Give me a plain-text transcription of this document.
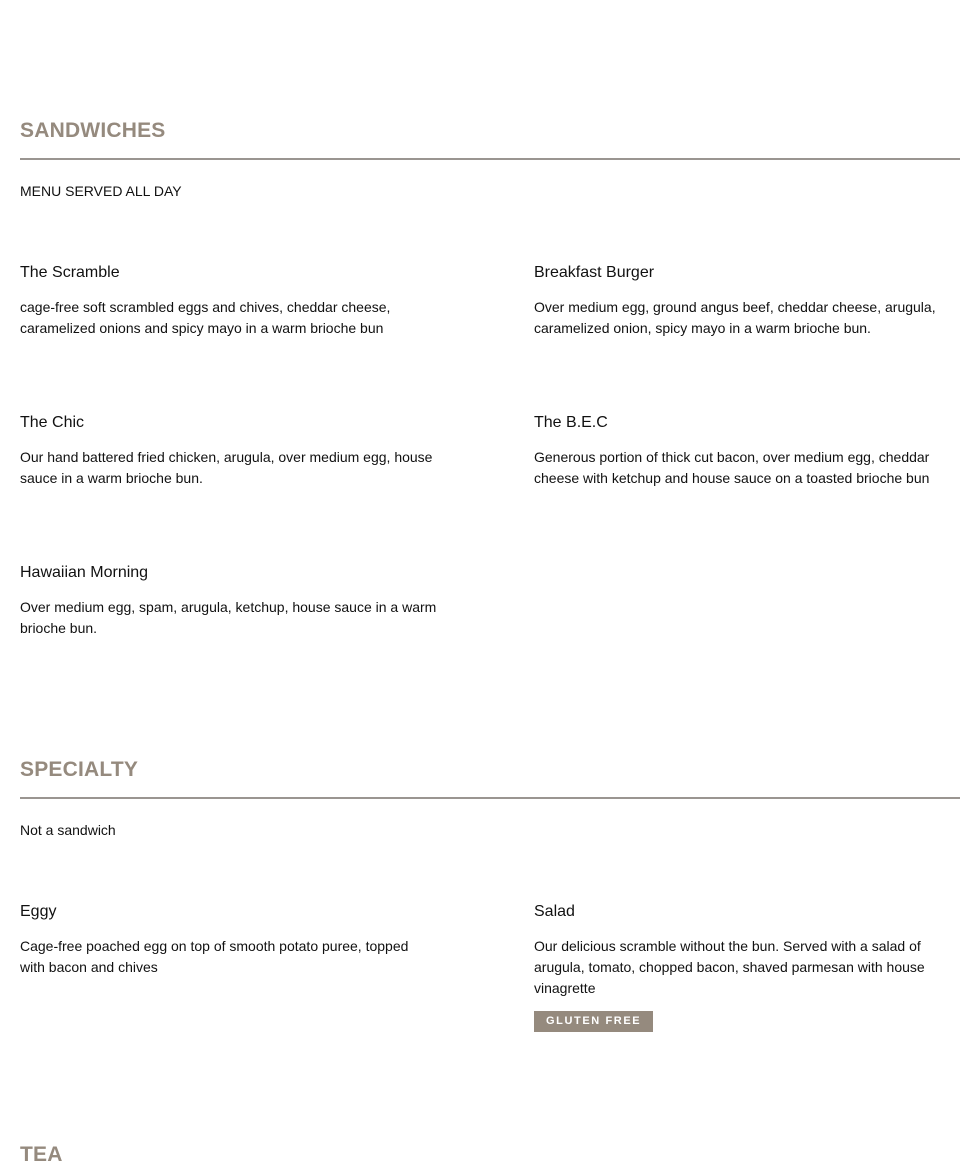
SANDWICHES
MENU SERVED ALL DAY
The Scramble
cage-free soft scrambled eggs and chives, cheddar cheese, caramelized onions and spicy mayo in a warm brioche bun
Breakfast Burger
Over medium egg, ground angus beef, cheddar cheese, arugula, caramelized onion, spicy mayo in a warm brioche bun.
The Chic
Our hand battered fried chicken, arugula, over medium egg, house sauce in a warm brioche bun.
The B.E.C
Generous portion of thick cut bacon, over medium egg, cheddar cheese with ketchup and house sauce on a toasted brioche bun
Hawaiian Morning
Over medium egg, spam, arugula, ketchup, house sauce in a warm brioche bun.
SPECIALTY
Not a sandwich
Eggy
Cage-free poached egg on top of smooth potato puree, topped with bacon and chives
Salad
Our delicious scramble without the bun. Served with a salad of arugula, tomato, chopped bacon, shaved parmesan with house vinagrette
GLUTEN FREE
TEA
